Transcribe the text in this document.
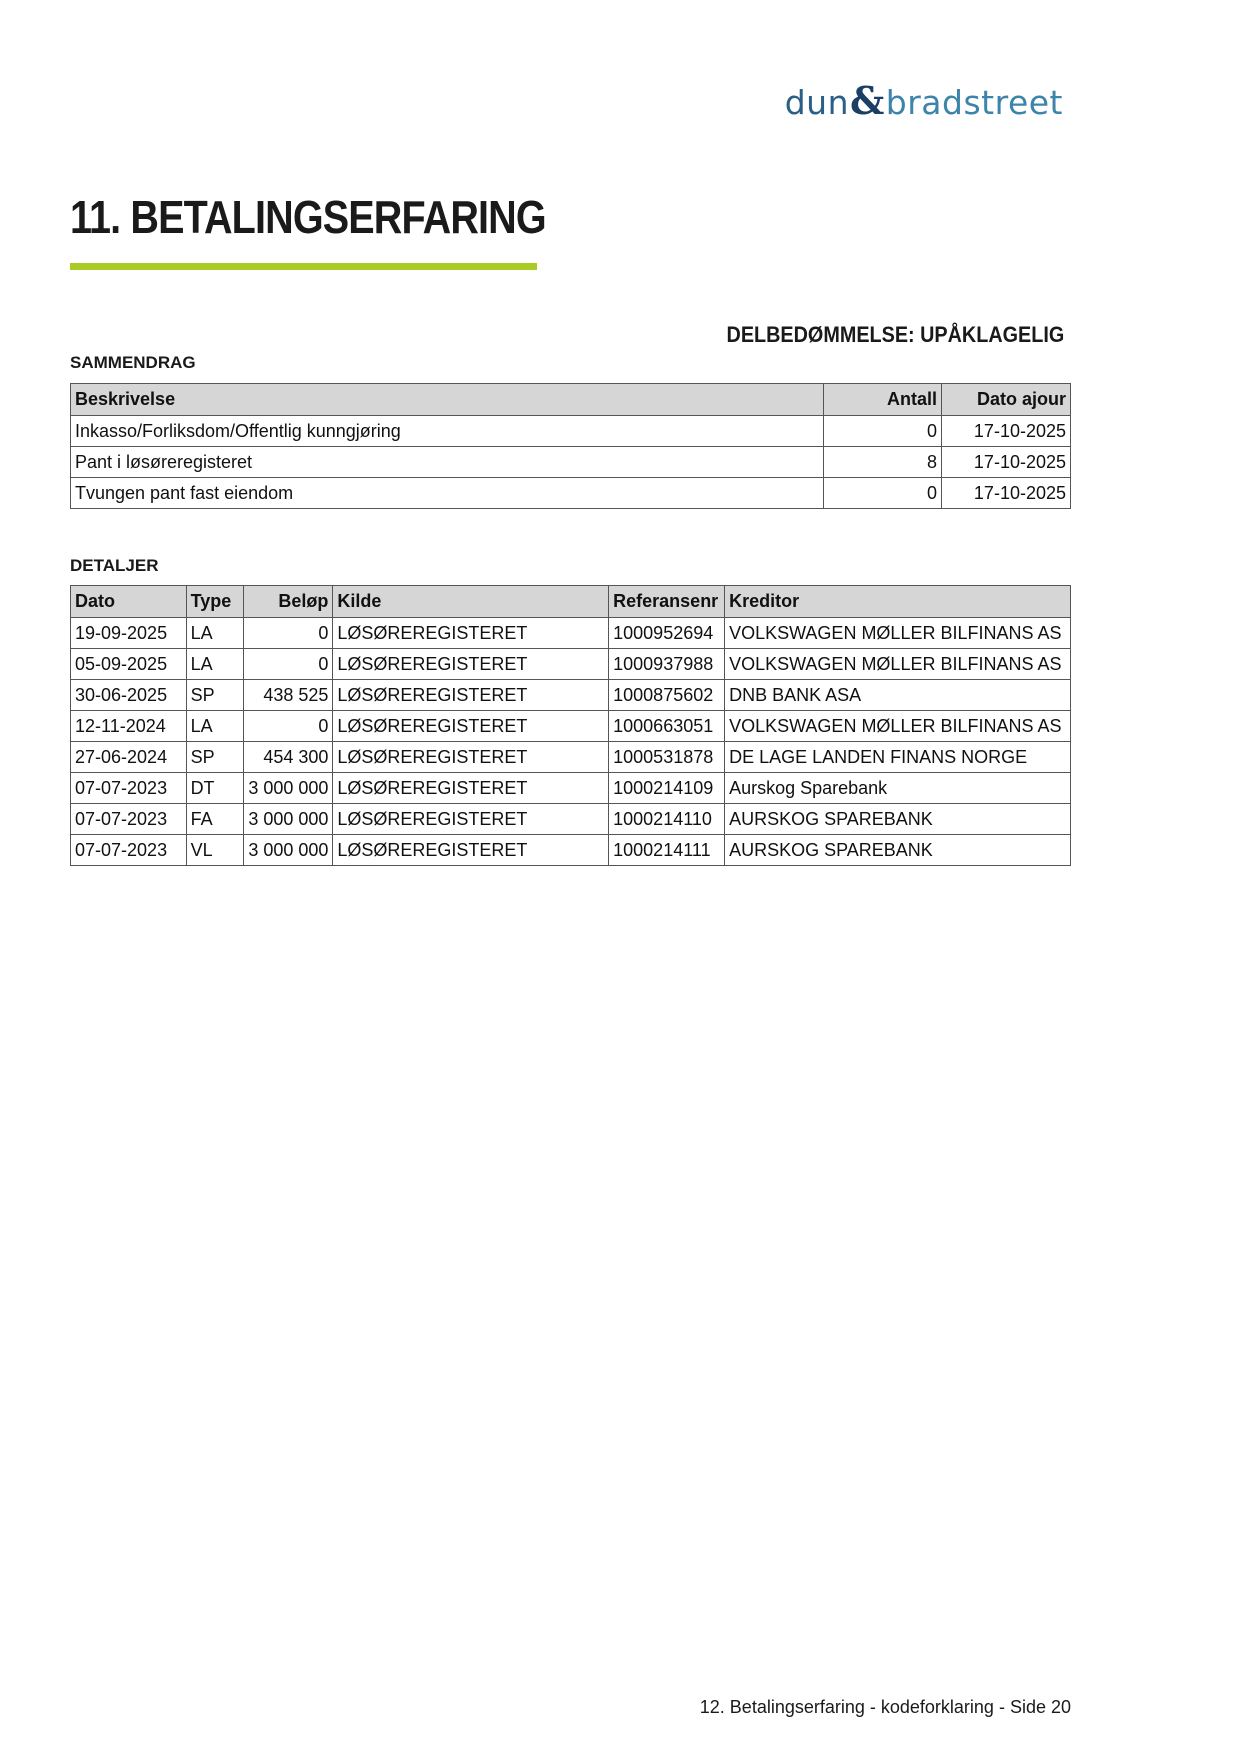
dun&bradstreet
11. BETALINGSERFARING
DELBEDØMMELSE: UPÅKLAGELIG
SAMMENDRAG
Beskrivelse	Antall	Dato ajour
Inkasso/Forliksdom/Offentlig kunngjøring	0	17-10-2025
Pant i løsøreregisteret	8	17-10-2025
Tvungen pant fast eiendom	0	17-10-2025
DETALJER
Dato	Type	Beløp	Kilde	Referansenr	Kreditor
19-09-2025	LA	0	LØSØREREGISTERET	1000952694	VOLKSWAGEN MØLLER BILFINANS AS
05-09-2025	LA	0	LØSØREREGISTERET	1000937988	VOLKSWAGEN MØLLER BILFINANS AS
30-06-2025	SP	438 525	LØSØREREGISTERET	1000875602	DNB BANK ASA
12-11-2024	LA	0	LØSØREREGISTERET	1000663051	VOLKSWAGEN MØLLER BILFINANS AS
27-06-2024	SP	454 300	LØSØREREGISTERET	1000531878	DE LAGE LANDEN FINANS NORGE
07-07-2023	DT	3 000 000	LØSØREREGISTERET	1000214109	Aurskog Sparebank
07-07-2023	FA	3 000 000	LØSØREREGISTERET	1000214110	AURSKOG SPAREBANK
07-07-2023	VL	3 000 000	LØSØREREGISTERET	1000214111	AURSKOG SPAREBANK
12. Betalingserfaring - kodeforklaring - Side 20
